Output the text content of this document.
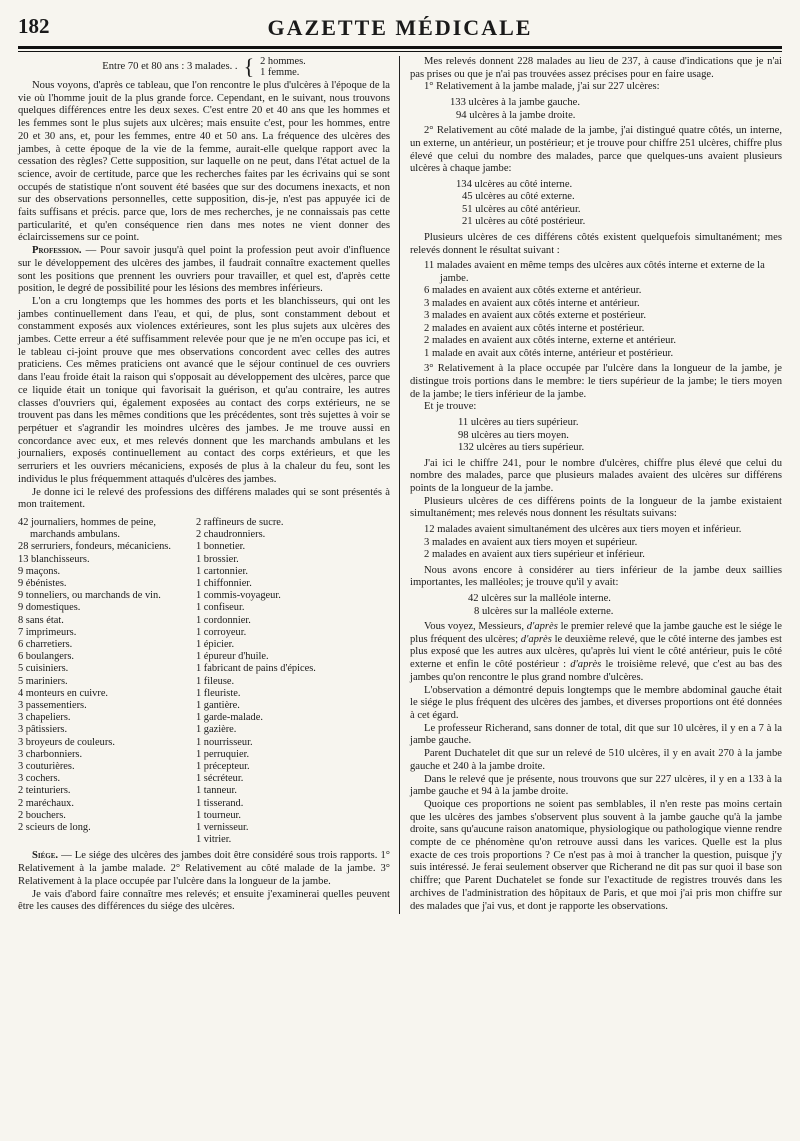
182	GAZETTE MÉDICALE
Entre 70 et 80 ans : 3 malades. . { 2 hommes.
1 femme.

Nous voyons, d'après ce tableau, que l'on rencontre le plus d'ulcères à l'époque de la vie où l'homme jouit de la plus grande force. Cependant, en le suivant, nous trouvons quelques différences entre les deux sexes. C'est entre 20 et 40 ans que les hommes et les femmes sont le plus sujets aux ulcères; mais ensuite c'est, pour les hommes, entre 20 et 30 ans, et, pour les femmes, entre 40 et 50 ans. La fréquence des ulcères des jambes, à cette époque de la vie de la femme, aurait-elle quelque rapport avec la cessation des règles? Cette supposition, sur laquelle on ne peut, dans l'état actuel de la science, avoir de certitude, parce que les recherches faites par les écrivains qui se sont occupés de statistique n'ont souvent été basées que sur des documens inexacts, et non sur des observations personnelles, cette supposition, dis-je, n'est pas appuyée ici de faits suffisans et précis. parce que, lors de mes recherches, je ne connaissais pas cette particularité, et qu'en conséquence rien dans mes notes ne vient donner des éclaircissemens sur ce point.

Profession. — Pour savoir jusqu'à quel point la profession peut avoir d'influence sur le développement des ulcères des jambes, il faudrait connaître exactement quelles sont les positions que prennent les ouvriers pour travailler, et quel est, d'après cette position, le degré de possibilité pour les lésions des membres inférieurs.

L'on a cru longtemps que les hommes des ports et les blanchisseurs, qui ont les jambes continuellement dans l'eau, et qui, de plus, sont constamment debout et constamment exposés aux violences extérieures, sont les plus sujets aux ulcères des jambes. Cette erreur a été suffisamment relevée pour que je ne m'en occupe pas ici, et le tableau ci-joint prouve que mes observations concordent avec celles des autres praticiens. Ces mêmes praticiens ont avancé que le séjour continuel de ces ouvriers dans l'eau froide était la raison qui s'opposait au développement des ulcères, parce que ce liquide était un tonique qui favorisait la guérison, et qu'au contraire, les autres classes d'ouvriers qui, également exposées au contact des corps extérieurs, ne se trouvent pas dans les mêmes conditions que les précédentes, sont très sujettes à voir se perpétuer et s'agrandir les moindres ulcères des jambes. Je me trouve aussi en concordance avec eux, et mes relevés donnent que les marchands ambulans et les journaliers, exposés continuellement au contact des corps extérieurs, et que les serruriers et les ouvriers mécaniciens, exposés de plus à la chaleur du feu, sont les individus le plus fréquemment attaqués d'ulcères des jambes.

Je donne ici le relevé des professions des différens malades qui se sont présentés à mon traitement.

42 journaliers, hommes de peine, marchands ambulans.
28 serruriers, fondeurs, mécaniciens.
13 blanchisseurs.
9 maçons.
9 ébénistes.
9 tonneliers, ou marchands de vin.
9 domestiques.
8 sans état.
7 imprimeurs.
6 charretiers.
6 boulangers.
5 cuisiniers.
5 mariniers.
4 monteurs en cuivre.
3 passementiers.
3 chapeliers.
3 pâtissiers.
3 broyeurs de couleurs.
3 charbonniers.
3 couturières.
3 cochers.
2 teinturiers.
2 maréchaux.
2 bouchers.
2 scieurs de long.
2 raffineurs de sucre.
2 chaudronniers.
1 bonnetier.
1 brossier.
1 cartonnier.
1 chiffonnier.
1 commis-voyageur.
1 confiseur.
1 cordonnier.
1 corroyeur.
1 épicier.
1 épureur d'huile.
1 fabricant de pains d'épices.
1 fileuse.
1 fleuriste.
1 gantière.
1 garde-malade.
1 gazière.
1 nourrisseur.
1 perruquier.
1 précepteur.
1 sécréteur.
1 tanneur.
1 tisserand.
1 tourneur.
1 vernisseur.
1 vitrier.

Siége. — Le siége des ulcères des jambes doit être considéré sous trois rapports. 1° Relativement à la jambe malade. 2° Relativement au côté malade de la jambe. 3° Relativement à la place occupée par l'ulcère dans la longueur de la jambe.

Je vais d'abord faire connaître mes relevés; et ensuite j'examinerai quelles peuvent être les causes des différences du siége des ulcères.

Mes relevés donnent 228 malades au lieu de 237, à cause d'indications que je n'ai pas prises ou que je n'ai pas trouvées assez précises pour en faire usage.

1° Relativement à la jambe malade, j'ai sur 227 ulcères:

133 ulcères à la jambe gauche.
94 ulcères à la jambe droite.

2° Relativement au côté malade de la jambe, j'ai distingué quatre côtés, un interne, un externe, un antérieur, un postérieur; et je trouve pour chiffre 251 ulcères, chiffre plus élevé que celui du nombre des malades, parce que quelques-uns avaient plusieurs ulcères à chaque jambe:

134 ulcères au côté interne.
45 ulcères au côté externe.
51 ulcères au côté antérieur.
21 ulcères au côté postérieur.

Plusieurs ulcères de ces différens côtés existent quelquefois simultanément; mes relevés donnent le résultat suivant :

11 malades avaient en même temps des ulcères aux côtés interne et externe de la jambe.
6 malades en avaient aux côtés externe et antérieur.
3 malades en avaient aux côtés interne et antérieur.
3 malades en avaient aux côtés externe et postérieur.
2 malades en avaient aux côtés interne et postérieur.
2 malades en avaient aux côtés interne, externe et antérieur.
1 malade en avait aux côtés interne, antérieur et postérieur.

3° Relativement à la place occupée par l'ulcère dans la longueur de la jambe, je distingue trois portions dans le membre: le tiers supérieur de la jambe; le tiers moyen de la jambe; le tiers inférieur de la jambe.

Et je trouve:

11 ulcères au tiers supérieur.
98 ulcères au tiers moyen.
132 ulcères au tiers supérieur.

J'ai ici le chiffre 241, pour le nombre d'ulcères, chiffre plus élevé que celui du nombre des malades, parce que plusieurs malades avaient des ulcères sur différens points de la longueur de la jambe.

Plusieurs ulcères de ces différens points de la longueur de la jambe existaient simultanément; mes relevés nous donnent les résultats suivans:

12 malades avaient simultanément des ulcères aux tiers moyen et inférieur.
3 malades en avaient aux tiers moyen et supérieur.
2 malades en avaient aux tiers supérieur et inférieur.

Nous avons encore à considérer au tiers inférieur de la jambe deux saillies importantes, les malléoles; je trouve qu'il y avait:

42 ulcères sur la malléole interne.
8 ulcères sur la malléole externe.

Vous voyez, Messieurs, d'après le premier relevé que la jambe gauche est le siége le plus fréquent des ulcères; d'après le deuxième relevé, que le côté interne des jambes est plus exposé que les autres aux ulcères, qu'après lui vient le côté antérieur, puis le côté externe et enfin le côté postérieur : d'après le troisième relevé, que c'est au bas des jambes qu'on rencontre le plus grand nombre d'ulcères.

L'observation a démontré depuis longtemps que le membre abdominal gauche était le siége le plus fréquent des ulcères des jambes, et diverses proportions ont été données à cet égard.

Le professeur Richerand, sans donner de total, dit que sur 10 ulcères, il y en a 7 à la jambe gauche.

Parent Duchatelet dit que sur un relevé de 510 ulcères, il y en avait 270 à la jambe gauche et 240 à la jambe droite.

Dans le relevé que je présente, nous trouvons que sur 227 ulcères, il y en a 133 à la jambe gauche et 94 à la jambe droite.

Quoique ces proportions ne soient pas semblables, il n'en reste pas moins certain que les ulcères des jambes s'observent plus souvent à la jambe gauche qu'à la jambe droite, sans qu'aucune raison anatomique, physiologique ou pathologique vienne rendre compte de ce phénomène qu'on retrouve aussi dans les varices. Quelle est la plus exacte de ces trois proportions ? Ce n'est pas à moi à trancher la question, puisque j'y suis intéressé. Je ferai seulement observer que Richerand ne dit pas sur quoi il base son chiffre; que Parent Duchatelet se fonde sur l'exactitude de registres trouvés dans les archives de l'administration des hôpitaux de Paris, et que moi j'ai pris mon chiffre sur des malades que j'ai vus, et dont je rapporte les observations.
